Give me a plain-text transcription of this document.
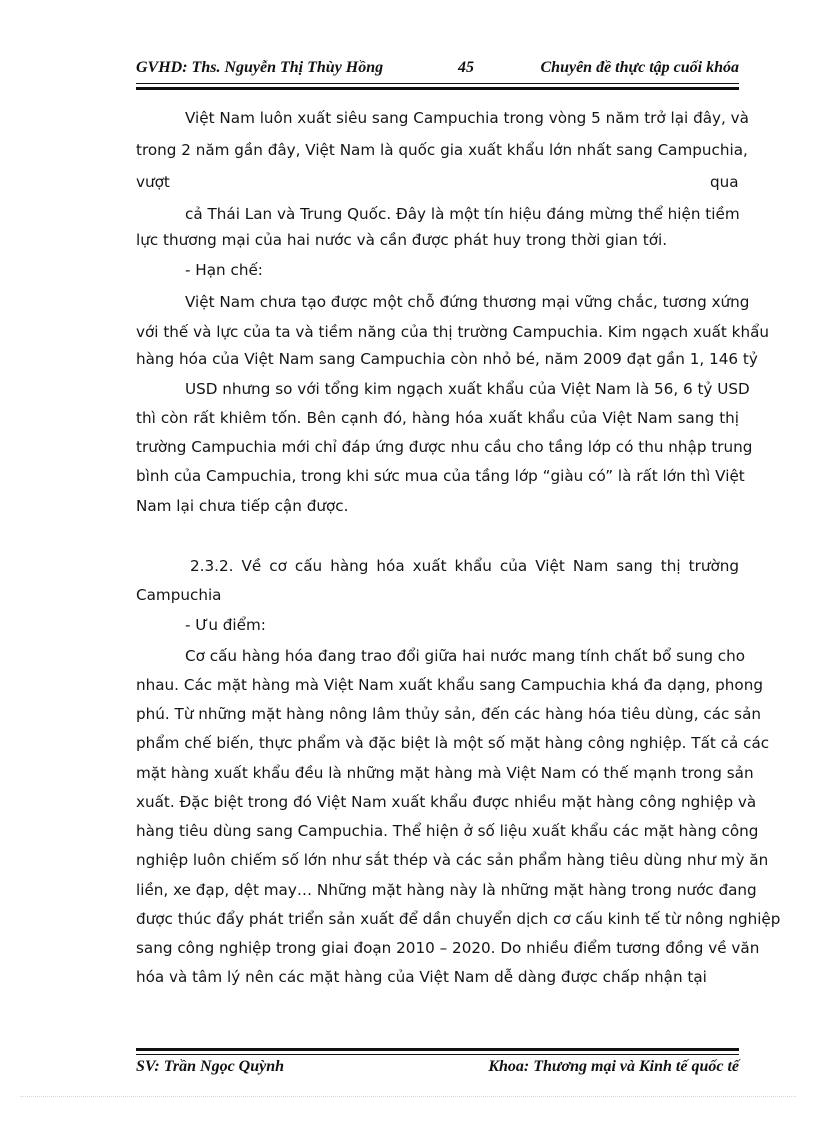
GVHD: Ths. Nguyễn Thị Thùy Hồng	45	Chuyên đề thực tập cuối khóa
Việt Nam luôn xuất siêu sang Campuchia trong vòng 5 năm trở lại đây, và
trong 2 năm gần đây, Việt Nam là quốc gia xuất khẩu lớn nhất sang Campuchia,
vượt	qua
cả Thái Lan và Trung Quốc. Đây là một tín hiệu đáng mừng thể hiện tiềm
lực thương mại của hai nước và cần được phát huy trong thời gian tới.
- Hạn chế:
Việt Nam chưa tạo được một chỗ đứng thương mại vững chắc, tương xứng
với thế và lực của ta và tiềm năng của thị trường Campuchia. Kim ngạch xuất khẩu
hàng hóa của Việt Nam sang Campuchia còn nhỏ bé, năm 2009 đạt gần 1, 146 tỷ
USD nhưng so với tổng kim ngạch xuất khẩu của Việt Nam là 56, 6 tỷ USD
thì còn rất khiêm tốn. Bên cạnh đó, hàng hóa xuất khẩu của Việt Nam sang thị
trường Campuchia mới chỉ đáp ứng được nhu cầu cho tầng lớp có thu nhập trung
bình của Campuchia, trong khi sức mua của tầng lớp “giàu có” là rất lớn thì Việt
Nam lại chưa tiếp cận được.
2.3.2. Về cơ cấu hàng hóa xuất khẩu của Việt Nam sang thị trường
Campuchia
- Ưu điểm:
Cơ cấu hàng hóa đang trao đổi giữa hai nước mang tính chất bổ sung cho
nhau. Các mặt hàng mà Việt Nam xuất khẩu sang Campuchia khá đa dạng, phong
phú. Từ những mặt hàng nông lâm thủy sản, đến các hàng hóa tiêu dùng, các sản
phẩm chế biến, thực phẩm và đặc biệt là một số mặt hàng công nghiệp. Tất cả các
mặt hàng xuất khẩu đều là những mặt hàng mà Việt Nam có thế mạnh trong sản
xuất. Đặc biệt trong đó Việt Nam xuất khẩu được nhiều mặt hàng công nghiệp và
hàng tiêu dùng sang Campuchia. Thể hiện ở số liệu xuất khẩu các mặt hàng công
nghiệp luôn chiếm số lớn như sắt thép và các sản phẩm hàng tiêu dùng như mỳ ăn
liền, xe đạp, dệt may… Những mặt hàng này là những mặt hàng trong nước đang
được thúc đẩy phát triển sản xuất để dần chuyển dịch cơ cấu kinh tế từ nông nghiệp
sang công nghiệp trong giai đoạn 2010 – 2020. Do nhiều điểm tương đồng về văn
hóa và tâm lý nên các mặt hàng của Việt Nam dễ dàng được chấp nhận tại
SV: Trần Ngọc Quỳnh	Khoa: Thương mại và Kinh tế quốc tế
